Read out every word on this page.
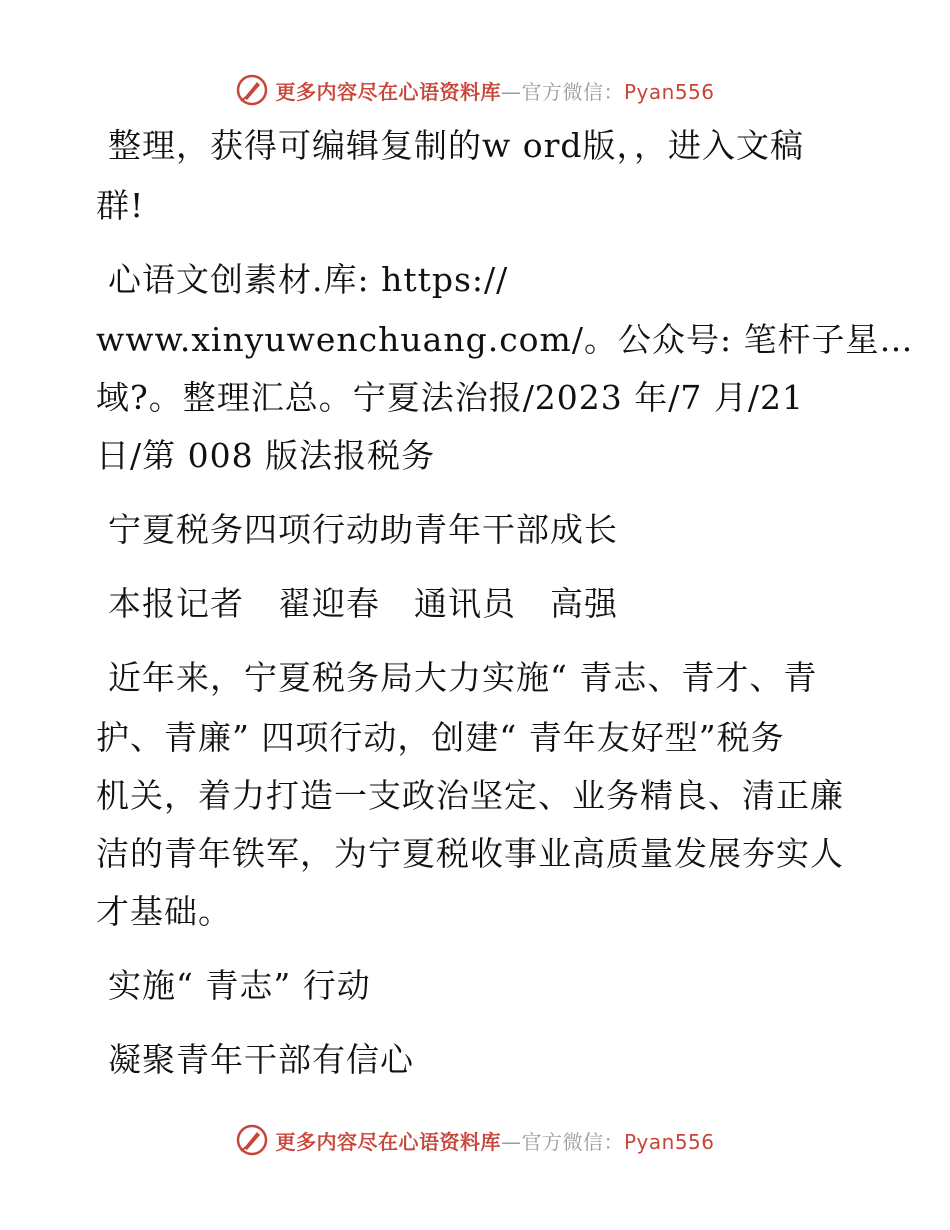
更多内容尽在心语资料库—官方微信：Pyan556
整理，获得可编辑复制的w ord版，，进入文稿
群!
心语文创素材.库: https://
www.xinyuwenchuang.com/。公众号: 笔杆子星…
域?。整理汇总。宁夏法治报/2023 年/7 月/21
日/第 008 版法报税务
宁夏税务四项行动助青年干部成长
本报记者　翟迎春　通讯员　高强
近年来，宁夏税务局大力实施“ 青志、青才、青
护、青廉” 四项行动，创建“ 青年友好型”税务
机关，着力打造一支政治坚定、业务精良、清正廉
洁的青年铁军，为宁夏税收事业高质量发展夯实人
才基础。
实施“ 青志” 行动
凝聚青年干部有信心
更多内容尽在心语资料库—官方微信：Pyan556
